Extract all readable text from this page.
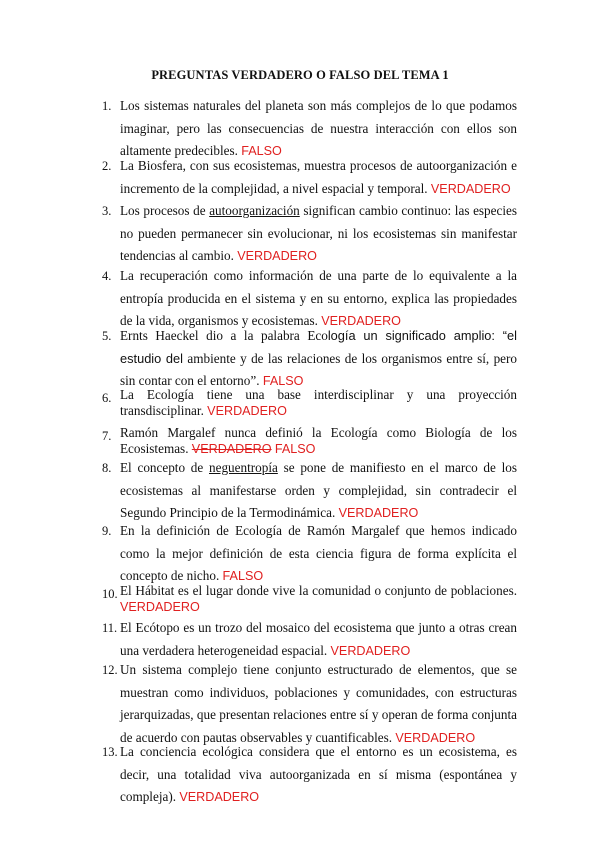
PREGUNTAS VERDADERO O FALSO DEL TEMA 1
1. Los sistemas naturales del planeta son más complejos de lo que podamos imaginar, pero las consecuencias de nuestra interacción con ellos son altamente predecibles. FALSO
2. La Biosfera, con sus ecosistemas, muestra procesos de autoorganización e incremento de la complejidad, a nivel espacial y temporal. VERDADERO
3. Los procesos de autoorganización significan cambio continuo: las especies no pueden permanecer sin evolucionar, ni los ecosistemas sin manifestar tendencias al cambio. VERDADERO
4. La recuperación como información de una parte de lo equivalente a la entropía producida en el sistema y en su entorno, explica las propiedades de la vida, organismos y ecosistemas. VERDADERO
5. Ernts Haeckel dio a la palabra Ecología un significado amplio: “el estudio del ambiente y de las relaciones de los organismos entre sí, pero sin contar con el entorno”. FALSO
6. La Ecología tiene una base interdisciplinar y una proyección transdisciplinar. VERDADERO
7. Ramón Margalef nunca definió la Ecología como Biología de los Ecosistemas. VERDADERO FALSO
8. El concepto de neguentropía se pone de manifiesto en el marco de los ecosistemas al manifestarse orden y complejidad, sin contradecir el Segundo Principio de la Termodinámica. VERDADERO
9. En la definición de Ecología de Ramón Margalef que hemos indicado como la mejor definición de esta ciencia figura de forma explícita el concepto de nicho. FALSO
10. El Hábitat es el lugar donde vive la comunidad o conjunto de poblaciones. VERDADERO
11. El Ecótopo es un trozo del mosaico del ecosistema que junto a otras crean una verdadera heterogeneidad espacial. VERDADERO
12. Un sistema complejo tiene conjunto estructurado de elementos, que se muestran como individuos, poblaciones y comunidades, con estructuras jerarquizadas, que presentan relaciones entre sí y operan de forma conjunta de acuerdo con pautas observables y cuantificables. VERDADERO
13. La conciencia ecológica considera que el entorno es un ecosistema, es decir, una totalidad viva autoorganizada en sí misma (espontánea y compleja). VERDADERO
